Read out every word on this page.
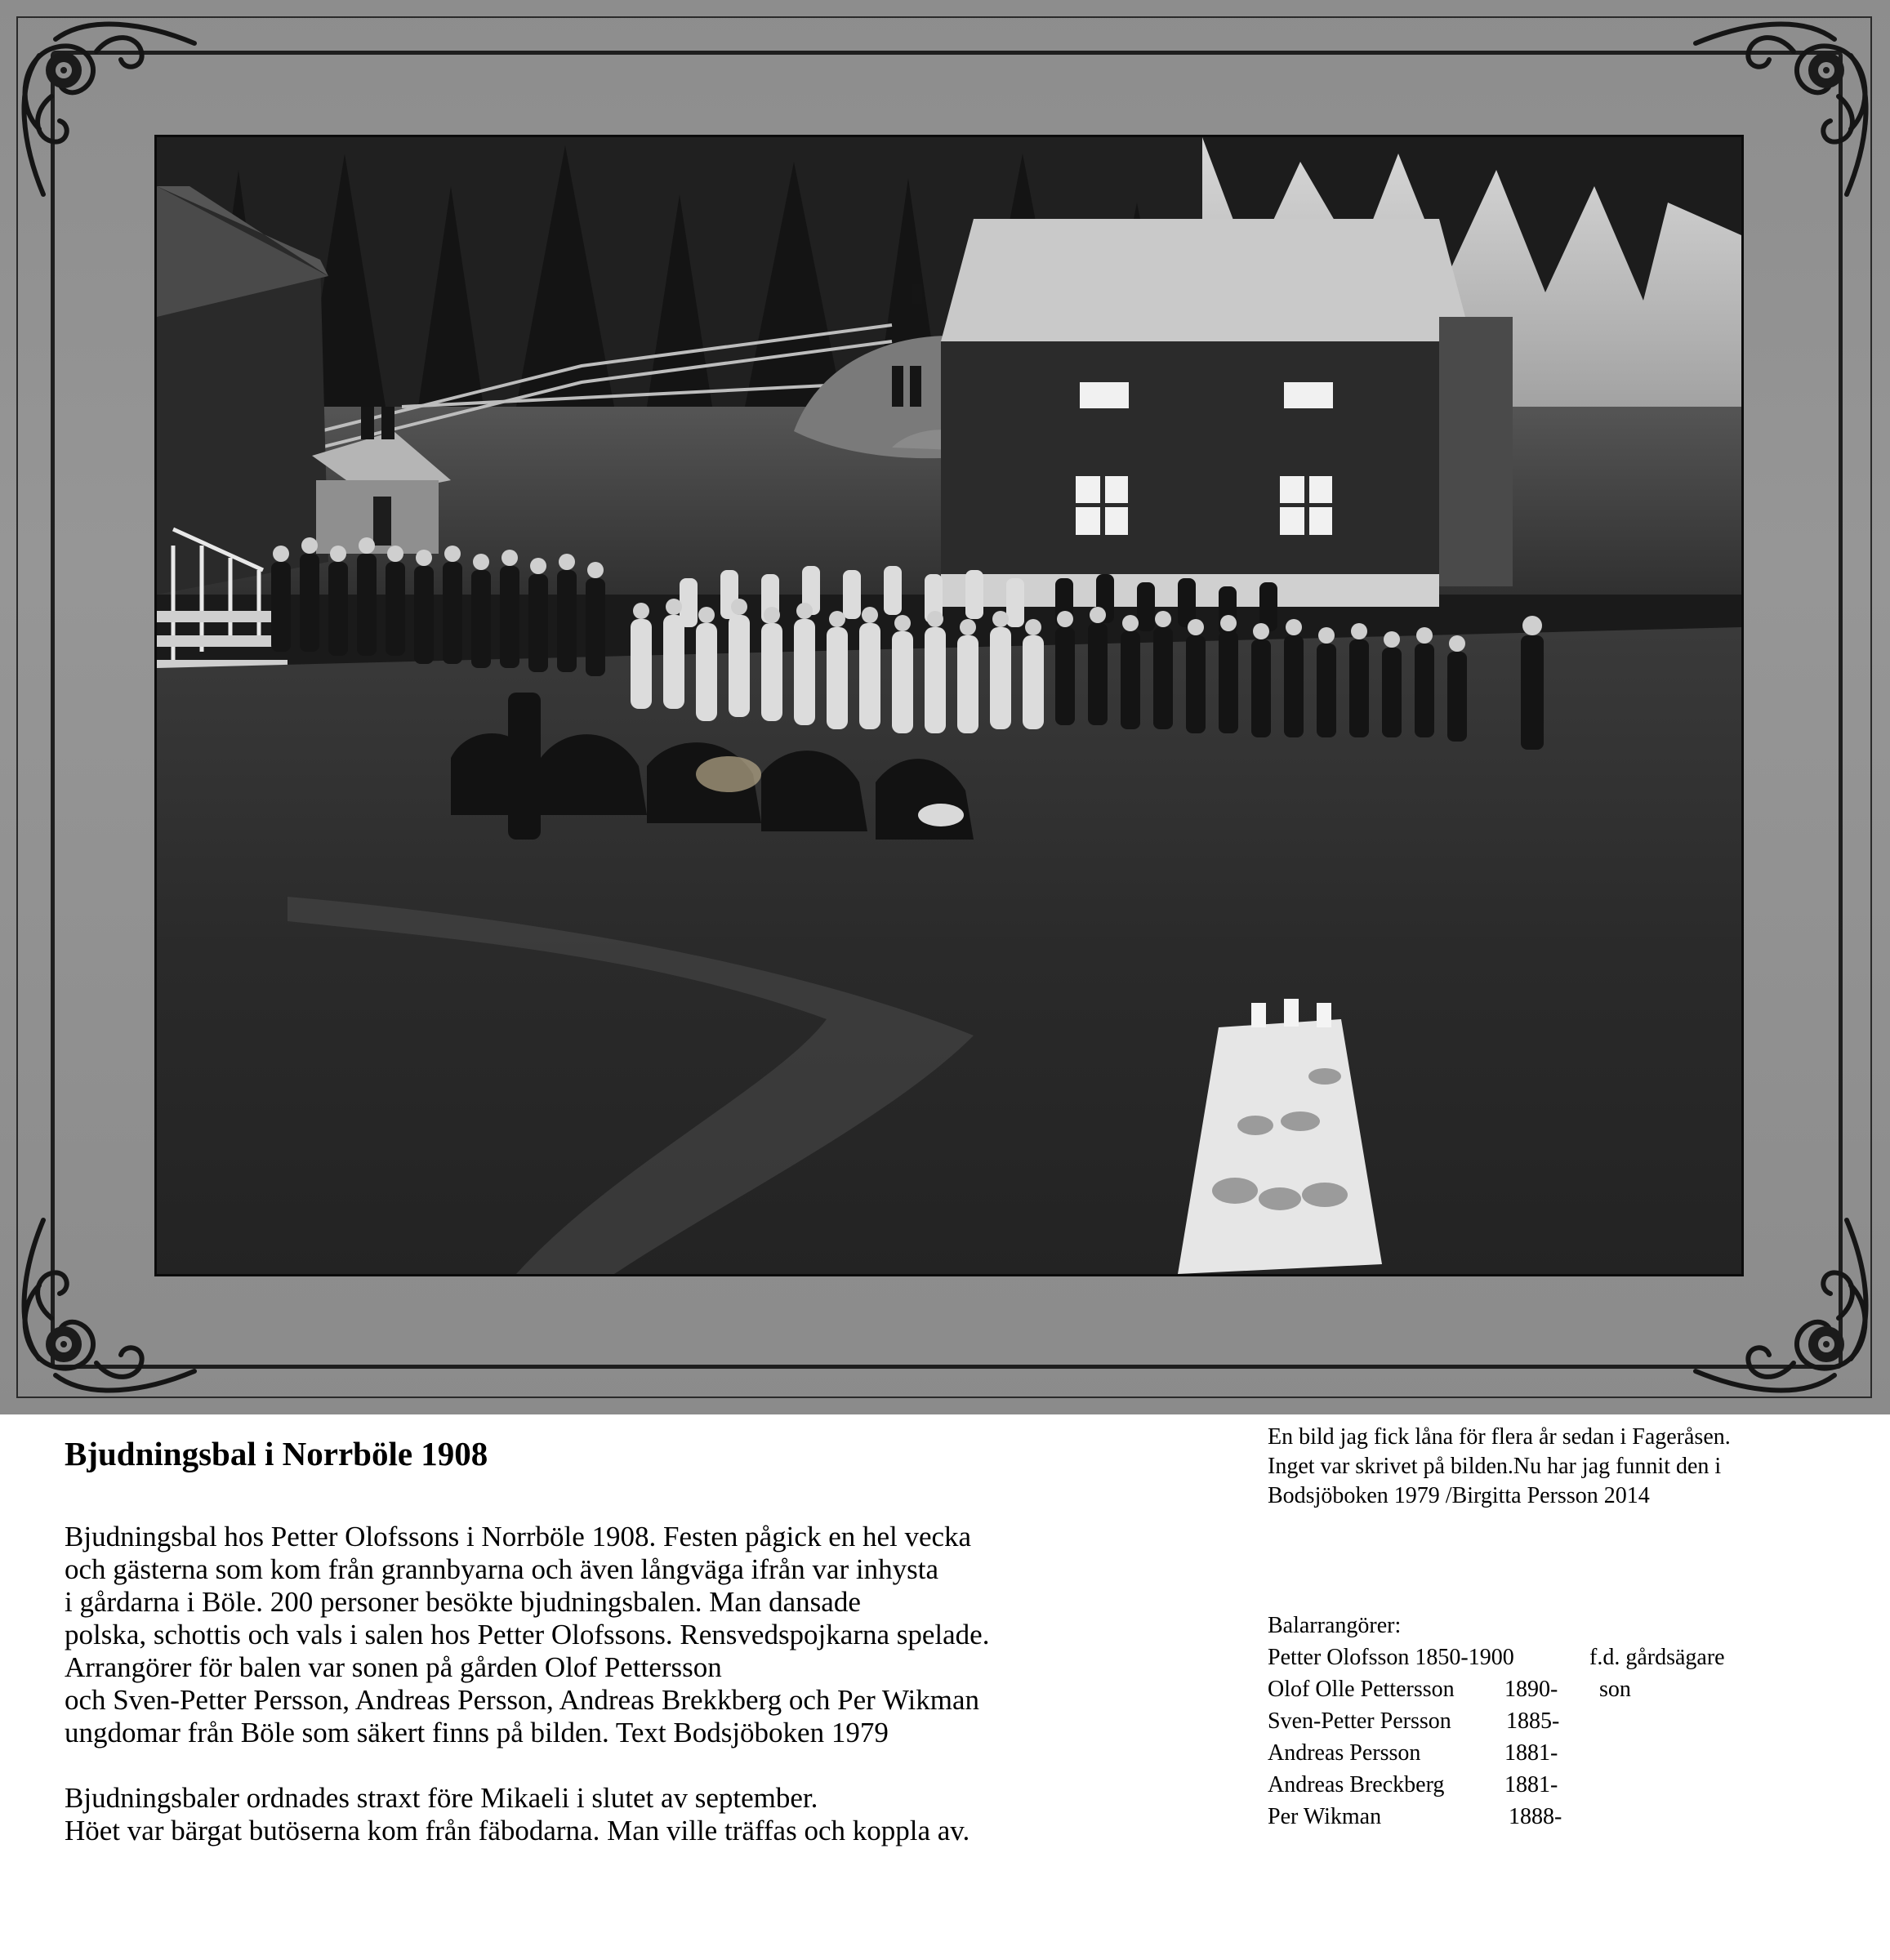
Bjudningsbal i Norrböle 1908
Bjudningsbal hos Petter Olofssons i Norrböle 1908. Festen pågick en hel vecka
och gästerna som kom från grannbyarna och även långväga ifrån var inhysta
i gårdarna i Böle. 200 personer besökte bjudningsbalen. Man dansade
polska, schottis och vals i salen hos Petter Olofssons. Rensvedspojkarna spelade.
Arrangörer för balen var sonen på gården Olof Pettersson
och Sven-Petter Persson, Andreas Persson, Andreas Brekkberg och Per Wikman
ungdomar från Böle som säkert finns på bilden. Text Bodsjöboken 1979
Bjudningsbaler ordnades straxt före Mikaeli i slutet av september.
Höet var bärgat butöserna kom från fäbodarna. Man ville träffas och koppla av.
En bild jag fick låna för flera år sedan i Fageråsen.
Inget var skrivet på bilden.Nu har jag funnit den i
Bodsjöboken 1979 /Birgitta Persson 2014
Balarrangörer:
Petter Olofsson 1850-1900	f.d. gårdsägare
Olof Olle Pettersson 1890- son
Sven-Petter Persson 1885-
Andreas Persson	1881-
Andreas Breckberg	1881-
Per Wikman	1888-
